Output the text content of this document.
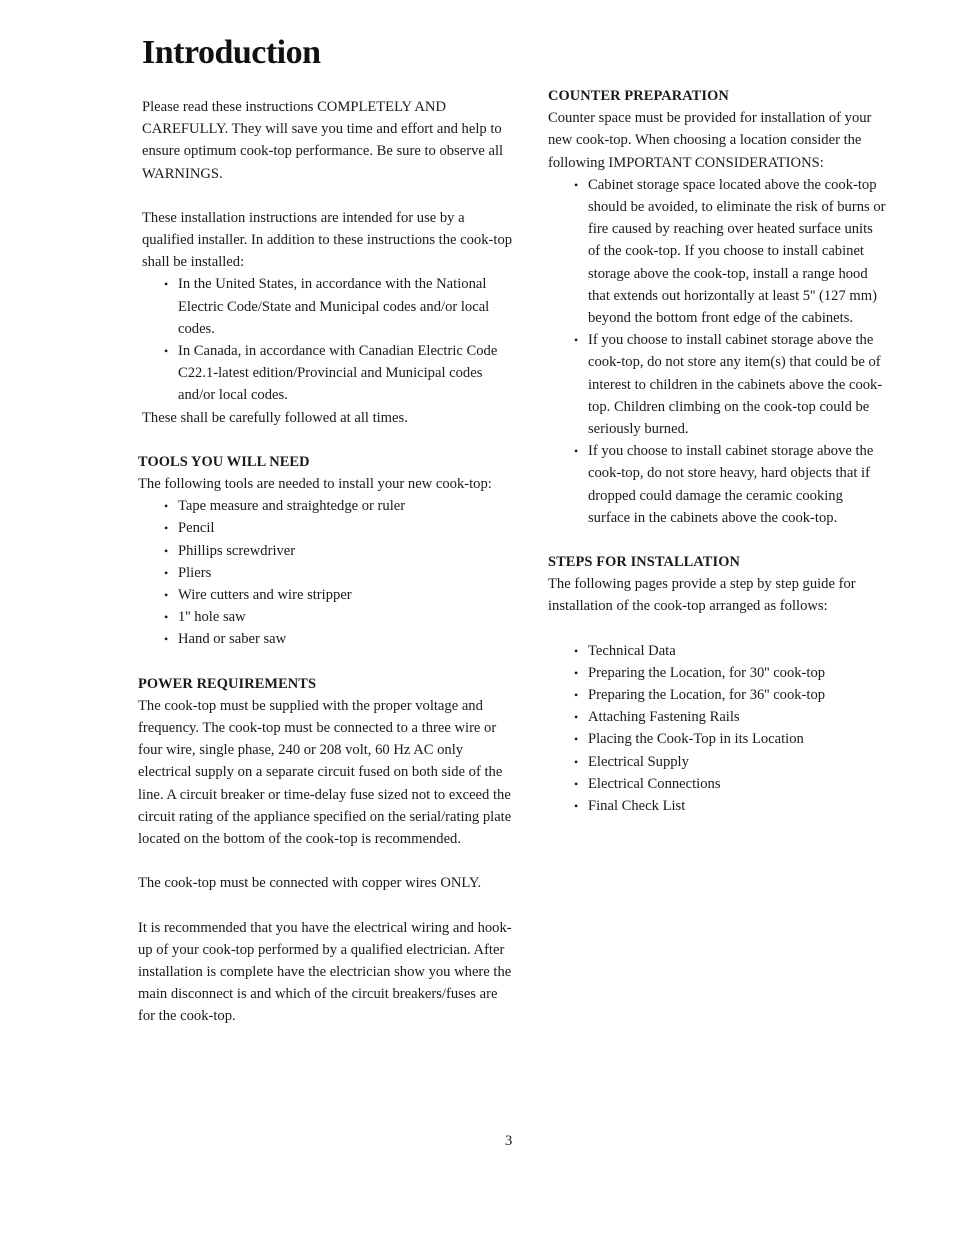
Introduction

Please read these instructions COMPLETELY AND CAREFULLY. They will save you time and effort and help to ensure optimum cook-top performance. Be sure to observe all WARNINGS.

These installation instructions are intended for use by a qualified installer. In addition to these instructions the cook-top shall be installed:

• In the United States, in accordance with the National Electric Code/State and Municipal codes and/or local codes.
• In Canada, in accordance with Canadian Electric Code C22.1-latest edition/Provincial and Municipal codes and/or local codes.

These shall be carefully followed at all times.

TOOLS YOU WILL NEED

The following tools are needed to install your new cook-top:

• Tape measure and straightedge or ruler
• Pencil
• Phillips screwdriver
• Pliers
• Wire cutters and wire stripper
• 1'' hole saw
• Hand or saber saw
POWER REQUIREMENTS

The cook-top must be supplied with the proper voltage and frequency. The cook-top must be connected to a three wire or four wire, single phase, 240 or 208 volt, 60 Hz AC only electrical supply on a separate circuit fused on both side of the line. A circuit breaker or time-delay fuse sized not to exceed the circuit rating of the appliance specified on the serial/rating plate located on the bottom of the cook-top is recommended.

The cook-top must be connected with copper wires ONLY.

It is recommended that you have the electrical wiring and hook-up of your cook-top performed by a qualified electrician. After installation is complete have the electrician show you where the main disconnect is and which of the circuit breakers/fuses are for the cook-top.

COUNTER PREPARATION

Counter space must be provided for installation of your new cook-top. When choosing a location consider the following IMPORTANT CONSIDERATIONS:

• Cabinet storage space located above the cook-top should be avoided, to eliminate the risk of burns or fire caused by reaching over heated surface units of the cook-top. If you choose to install cabinet storage above the cook-top, install a range hood that extends out horizontally at least 5'' (127 mm) beyond the bottom front edge of the cabinets.
• If you choose to install cabinet storage above the cook-top, do not store any item(s) that could be of interest to children in the cabinets above the cook-top. Children climbing on the cook-top could be seriously burned.
• If you choose to install cabinet storage above the cook-top, do not store heavy, hard objects that if dropped could damage the ceramic cooking surface in the cabinets above the cook-top.
STEPS FOR INSTALLATION

The following pages provide a step by step guide for installation of the cook-top arranged as follows:

• Technical Data
• Preparing the Location, for 30'' cook-top
• Preparing the Location, for 36'' cook-top
• Attaching Fastening Rails
• Placing the Cook-Top in its Location
• Electrical Supply
• Electrical Connections
• Final Check List
3
